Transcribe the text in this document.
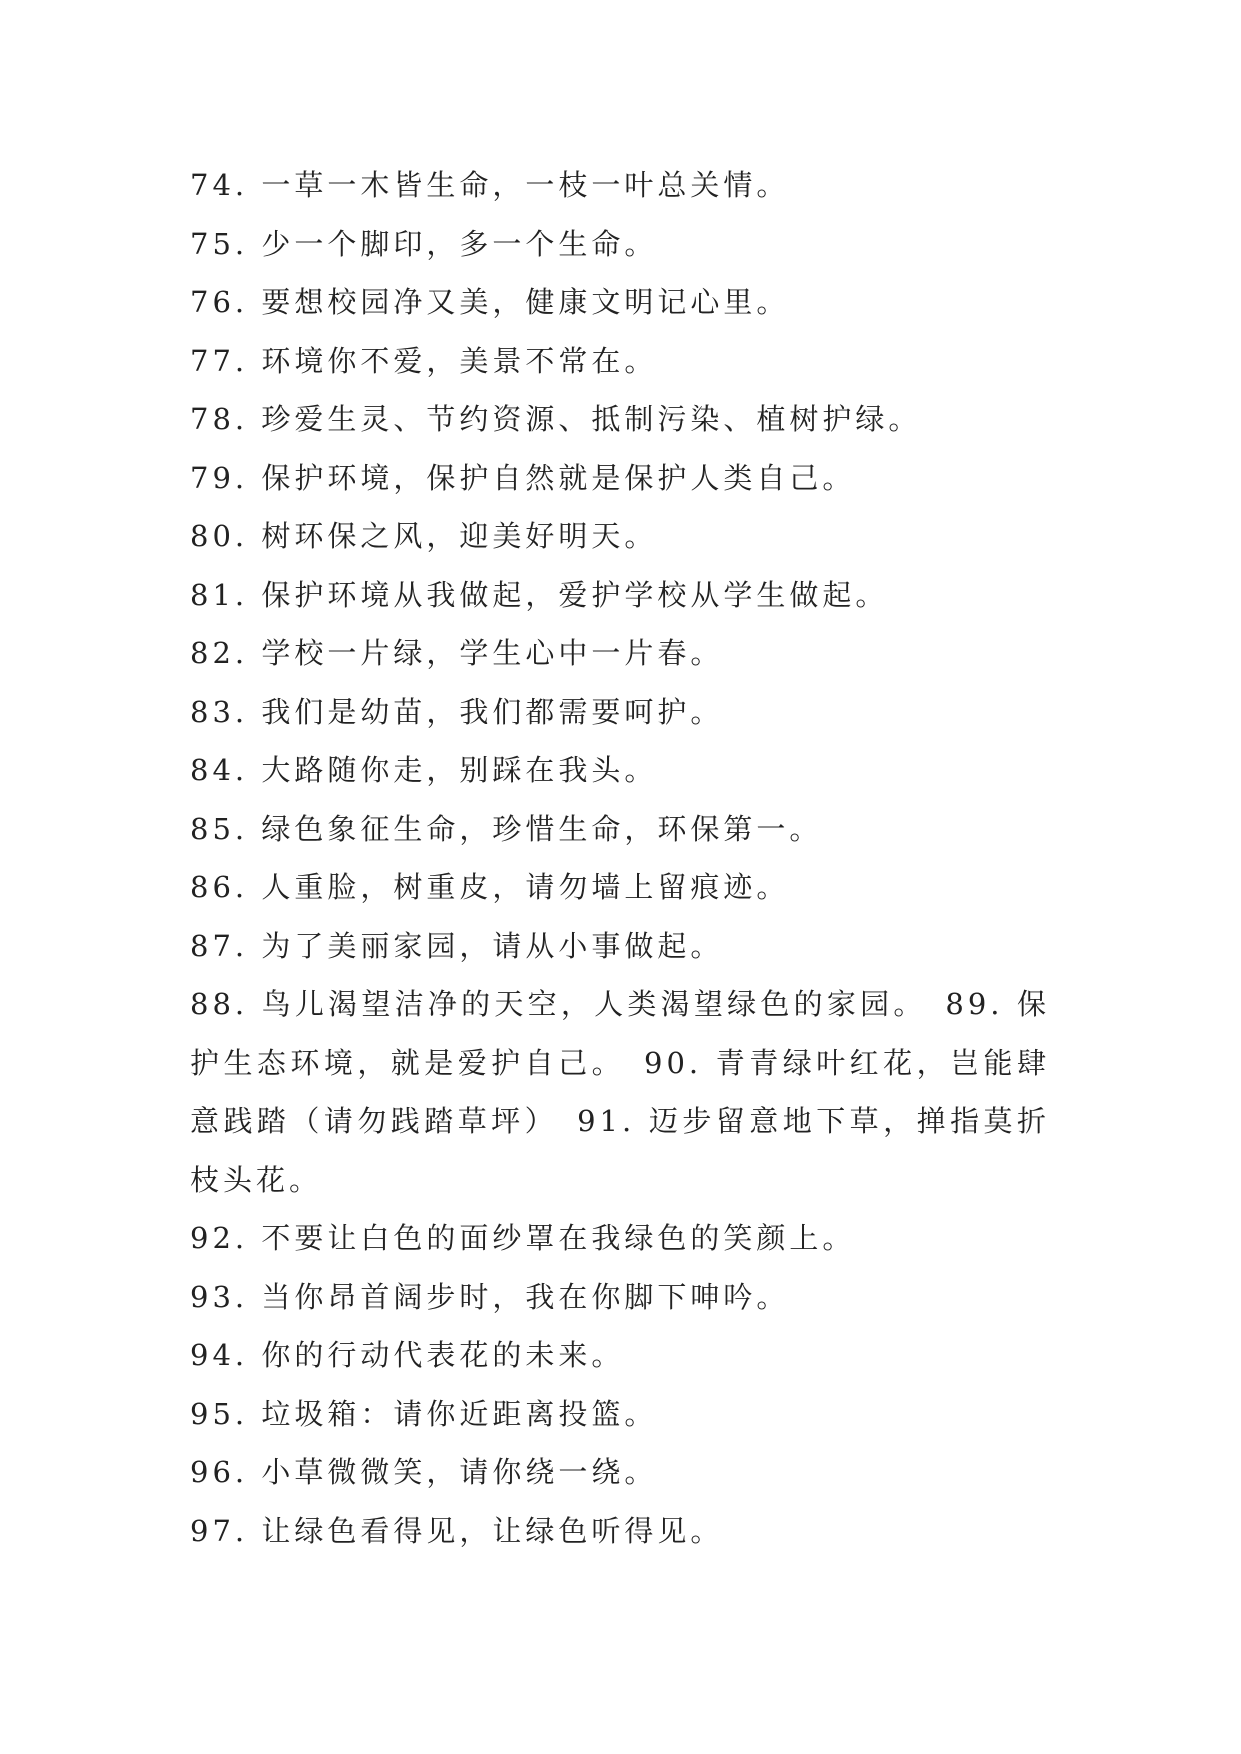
74. 一草一木皆生命，一枝一叶总关情。
75. 少一个脚印，多一个生命。
76. 要想校园净又美，健康文明记心里。
77. 环境你不爱，美景不常在。
78. 珍爱生灵、节约资源、抵制污染、植树护绿。
79. 保护环境，保护自然就是保护人类自己。
80. 树环保之风，迎美好明天。
81. 保护环境从我做起，爱护学校从学生做起。
82. 学校一片绿，学生心中一片春。
83. 我们是幼苗，我们都需要呵护。
84. 大路随你走，别踩在我头。
85. 绿色象征生命，珍惜生命，环保第一。
86. 人重脸，树重皮，请勿墙上留痕迹。
87. 为了美丽家园，请从小事做起。
88. 鸟儿渴望洁净的天空，人类渴望绿色的家园。　89. 保护生态环境，就是爱护自己。　90. 青青绿叶红花，岂能肆意践踏（请勿践踏草坪）　91. 迈步留意地下草，掸指莫折枝头花。
92. 不要让白色的面纱罩在我绿色的笑颜上。
93. 当你昂首阔步时，我在你脚下呻吟。
94. 你的行动代表花的未来。
95. 垃圾箱：请你近距离投篮。
96. 小草微微笑，请你绕一绕。
97. 让绿色看得见，让绿色听得见。
